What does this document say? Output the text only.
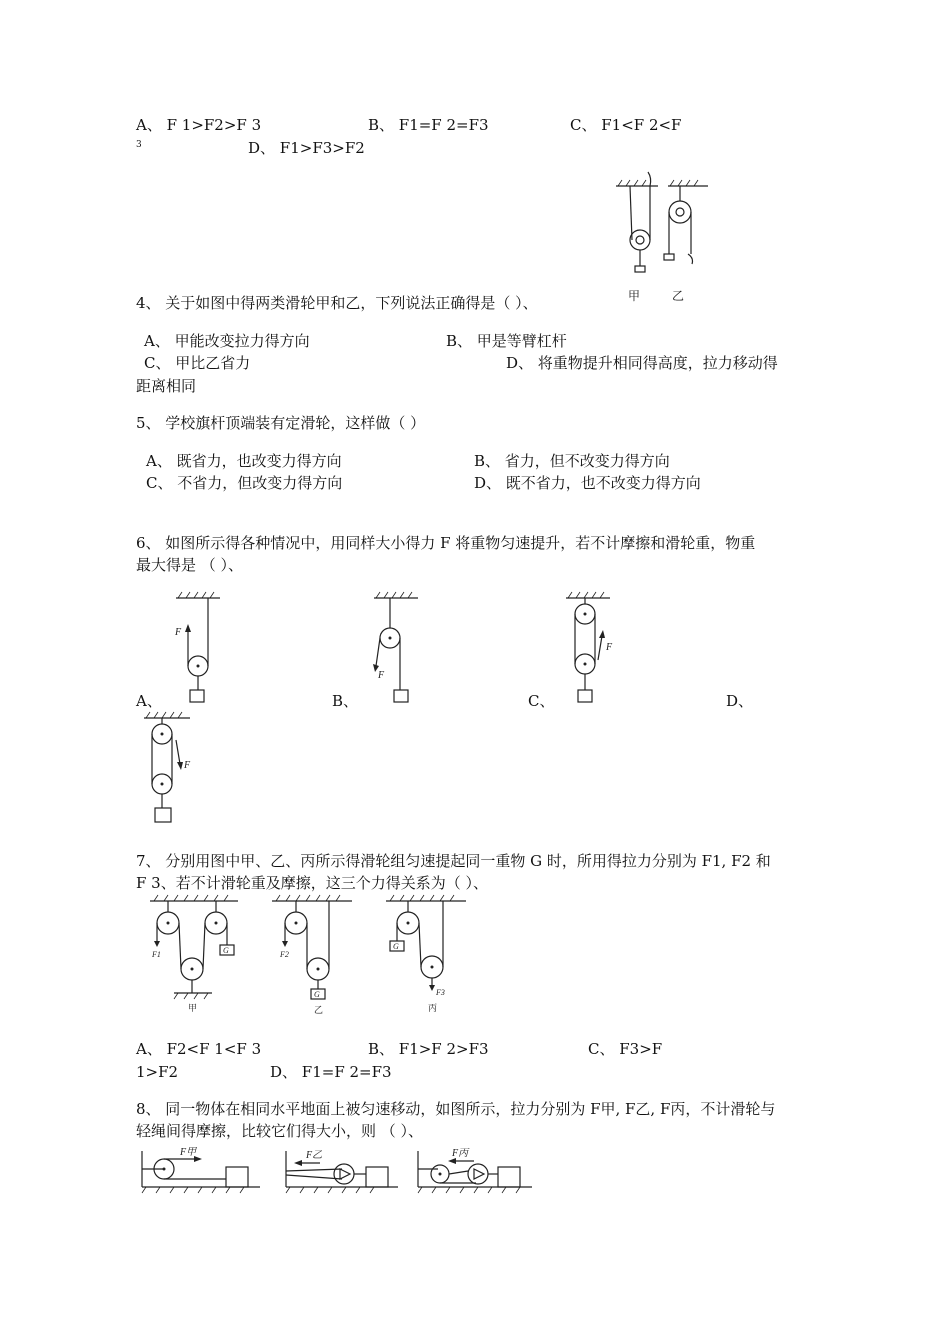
A、 F 1>F2>F 3	B、 F1=F 2=F3	C、 F1<F 2<F
3	D、 F1>F3>F2
甲	乙
4、 关于如图中得两类滑轮甲和乙，下列说法正确得是（ ）、
A、 甲能改变拉力得方向	B、 甲是等臂杠杆
C、 甲比乙省力	D、 将重物提升相同得高度，拉力移动得
距离相同
5、 学校旗杆顶端装有定滑轮，这样做（ ）
A、 既省力，也改变力得方向	B、 省力，但不改变力得方向
C、 不省力，但改变力得方向	D、 既不省力，也不改变力得方向
6、 如图所示得各种情况中，用同样大小得力 F 将重物匀速提升，若不计摩擦和滑轮重，物重
最大得是 （ ）、
F
A、
F
B、
F
C、	D、
F
7、 分别用图中甲、乙、丙所示得滑轮组匀速提起同一重物 G 时，所用得拉力分别为 F1, F2 和
F 3、若不计滑轮重及摩擦，这三个力得关系为（ ）、
G
F1
甲
G
F2
乙
G
F3
丙
A、 F2<F 1<F 3	B、 F1>F 2>F3	C、 F3>F
1>F2	D、 F1=F 2=F3
8、 同一物体在相同水平地面上被匀速移动，如图所示，拉力分别为 F甲, F乙, F丙，不计滑轮与
轻绳间得摩擦，比较它们得大小，则 （ ）、
F甲	F乙	F丙
